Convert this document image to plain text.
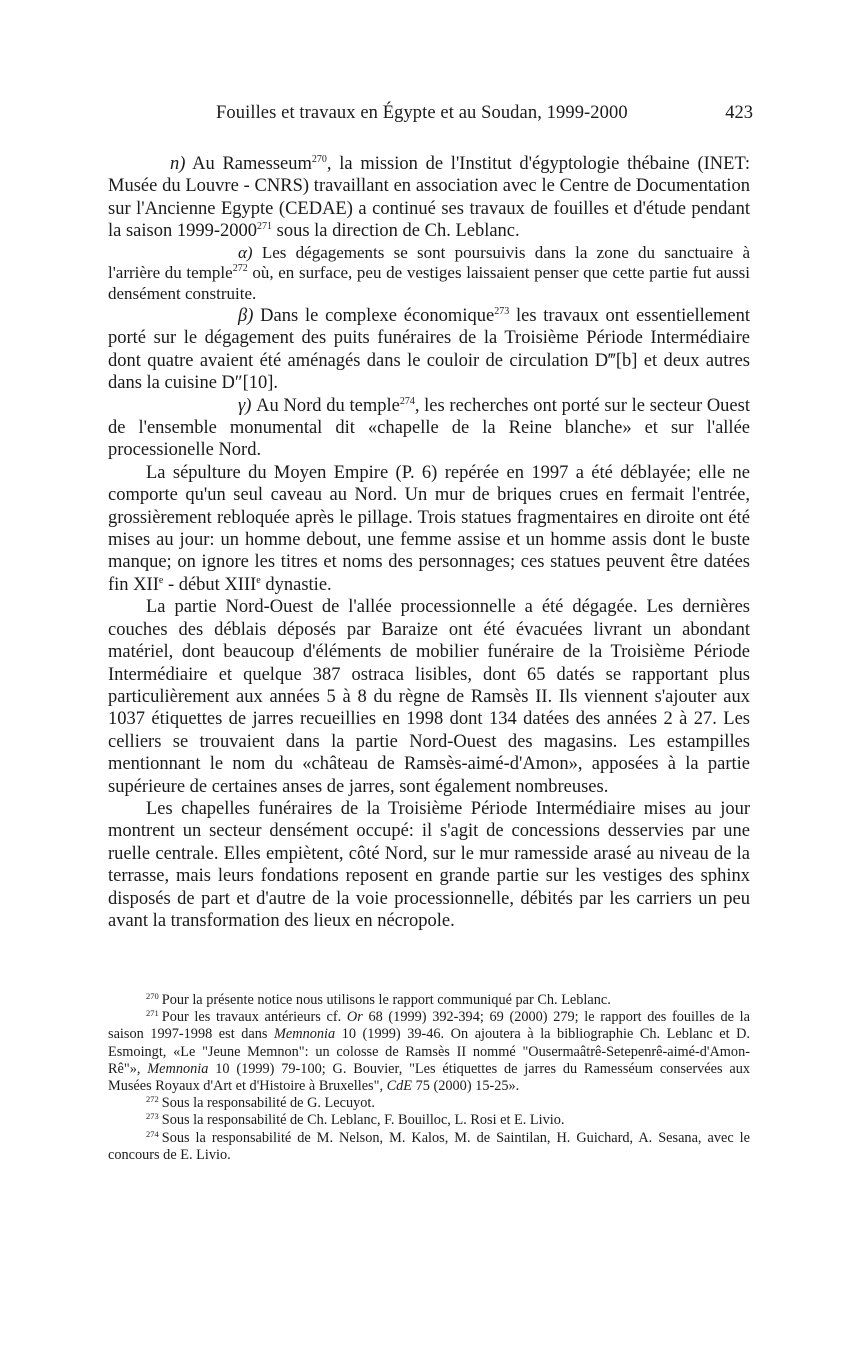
Fouilles et travaux en Égypte et au Soudan, 1999-2000	423

n) Au Ramesseum$^{270}$, la mission de l'Institut d'égyptologie thébaine (INET: Musée du Louvre - CNRS) travaillant en association avec le Centre de Documentation sur l'Ancienne Egypte (CEDAE) a continué ses travaux de fouilles et d'étude pendant la saison 1999-2000$^{271}$ sous la direction de Ch. Leblanc.

α) Les dégagements se sont poursuivis dans la zone du sanctuaire à l'arrière du temple$^{272}$ où, en surface, peu de vestiges laissaient penser que cette partie fut aussi densément construite.

β) Dans le complexe économique$^{273}$ les travaux ont essentiellement porté sur le dégagement des puits funéraires de la Troisième Période Intermédiaire dont quatre avaient été aménagés dans le couloir de circulation D‴[b] et deux autres dans la cuisine D″[10].

γ) Au Nord du temple$^{274}$, les recherches ont porté sur le secteur Ouest de l'ensemble monumental dit «chapelle de la Reine blanche» et sur l'allée processionelle Nord.

La sépulture du Moyen Empire (P. 6) repérée en 1997 a été déblayée; elle ne comporte qu'un seul caveau au Nord. Un mur de briques crues en fermait l'entrée, grossièrement rebloquée après le pillage. Trois statues fragmentaires en diroite ont été mises au jour: un homme debout, une femme assise et un homme assis dont le buste manque; on ignore les titres et noms des personnages; ces statues peuvent être datées fin XIIe - début XIIIe dynastie.

La partie Nord-Ouest de l'allée processionnelle a été dégagée. Les dernières couches des déblais déposés par Baraize ont été évacuées livrant un abondant matériel, dont beaucoup d'éléments de mobilier funéraire de la Troisième Période Intermédiaire et quelque 387 ostraca lisibles, dont 65 datés se rapportant plus particulièrement aux années 5 à 8 du règne de Ramsès II. Ils viennent s'ajouter aux 1037 étiquettes de jarres recueillies en 1998 dont 134 datées des années 2 à 27. Les celliers se trouvaient dans la partie Nord-Ouest des magasins. Les estampilles mentionnant le nom du «château de Ramsès-aimé-d'Amon», apposées à la partie supérieure de certaines anses de jarres, sont également nombreuses.

Les chapelles funéraires de la Troisième Période Intermédiaire mises au jour montrent un secteur densément occupé: il s'agit de concessions desservies par une ruelle centrale. Elles empiètent, côté Nord, sur le mur ramesside arasé au niveau de la terrasse, mais leurs fondations reposent en grande partie sur les vestiges des sphinx disposés de part et d'autre de la voie processionnelle, débités par les carriers un peu avant la transformation des lieux en nécropole.

$^{270}$ Pour la présente notice nous utilisons le rapport communiqué par Ch. Leblanc.

$^{271}$ Pour les travaux antérieurs cf. Or 68 (1999) 392-394; 69 (2000) 279; le rapport des fouilles de la saison 1997-1998 est dans Memnonia 10 (1999) 39-46. On ajoutera à la bibliographie Ch. Leblanc et D. Esmoingt, «Le "Jeune Memnon": un colosse de Ramsès II nommé "Ousermaâtrê-Setepenrê-aimé-d'Amon-Rê"», Memnonia 10 (1999) 79-100; G. Bouvier, "Les étiquettes de jarres du Ramesséum conservées aux Musées Royaux d'Art et d'Histoire à Bruxelles", CdE 75 (2000) 15-25».

$^{272}$ Sous la responsabilité de G. Lecuyot.

$^{273}$ Sous la responsabilité de Ch. Leblanc, F. Bouilloc, L. Rosi et E. Livio.

$^{274}$ Sous la responsabilité de M. Nelson, M. Kalos, M. de Saintilan, H. Guichard, A. Sesana, avec le concours de E. Livio.
